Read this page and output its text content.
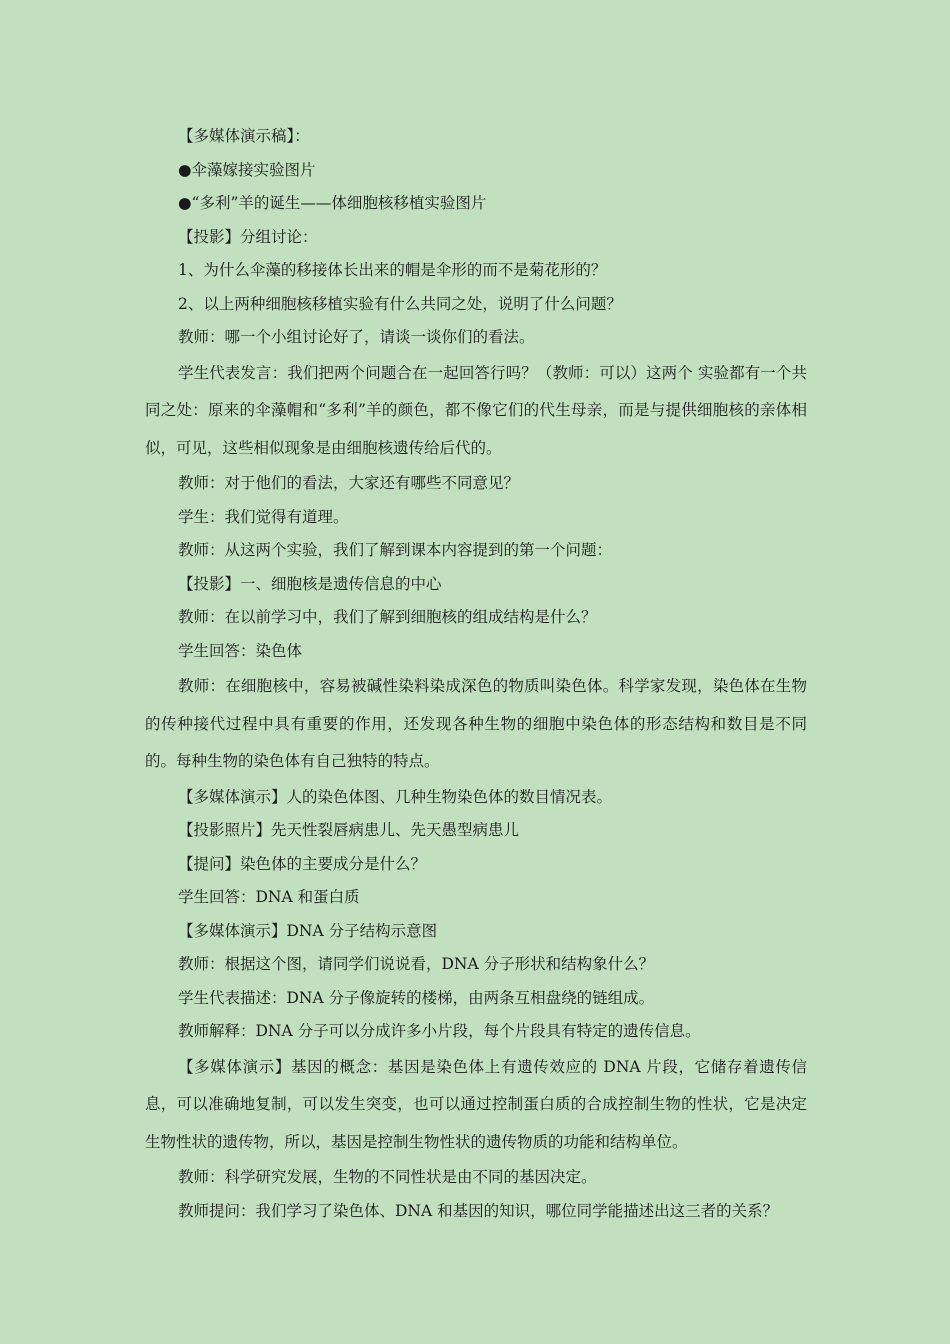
【多媒体演示稿】：

●伞藻嫁接实验图片

●“多利”羊的诞生——体细胞核移植实验图片

【投影】分组讨论：

1、为什么伞藻的移接体长出来的帽是伞形的而不是菊花形的？

2、以上两种细胞核移植实验有什么共同之处，说明了什么问题？

教师：哪一个小组讨论好了，请谈一谈你们的看法。

学生代表发言：我们把两个问题合在一起回答行吗？（教师：可以）这两个 实验都有一个共同之处：原来的伞藻帽和“多利”羊的颜色，都不像它们的代生母亲，而是与提供细胞核的亲体相似，可见，这些相似现象是由细胞核遗传给后代的。

教师：对于他们的看法，大家还有哪些不同意见？

学生：我们觉得有道理。

教师：从这两个实验，我们了解到课本内容提到的第一个问题：

【投影】一、细胞核是遗传信息的中心

教师：在以前学习中，我们了解到细胞核的组成结构是什么？

学生回答：染色体

教师：在细胞核中，容易被碱性染料染成深色的物质叫染色体。科学家发现，染色体在生物的传种接代过程中具有重要的作用，还发现各种生物的细胞中染色体的形态结构和数目是不同的。每种生物的染色体有自己独特的特点。

【多媒体演示】人的染色体图、几种生物染色体的数目情况表。

【投影照片】先天性裂唇病患儿、先天愚型病患儿

【提问】染色体的主要成分是什么？

学生回答：DNA 和蛋白质

【多媒体演示】DNA 分子结构示意图

教师：根据这个图，请同学们说说看，DNA 分子形状和结构象什么？

学生代表描述：DNA 分子像旋转的楼梯，由两条互相盘绕的链组成。

教师解释：DNA 分子可以分成许多小片段，每个片段具有特定的遗传信息。

【多媒体演示】基因的概念：基因是染色体上有遗传效应的 DNA 片段，它储存着遗传信息，可以准确地复制，可以发生突变，也可以通过控制蛋白质的合成控制生物的性状，它是决定生物性状的遗传物，所以，基因是控制生物性状的遗传物质的功能和结构单位。

教师：科学研究发展，生物的不同性状是由不同的基因决定。

教师提问：我们学习了染色体、DNA 和基因的知识，哪位同学能描述出这三者的关系？
